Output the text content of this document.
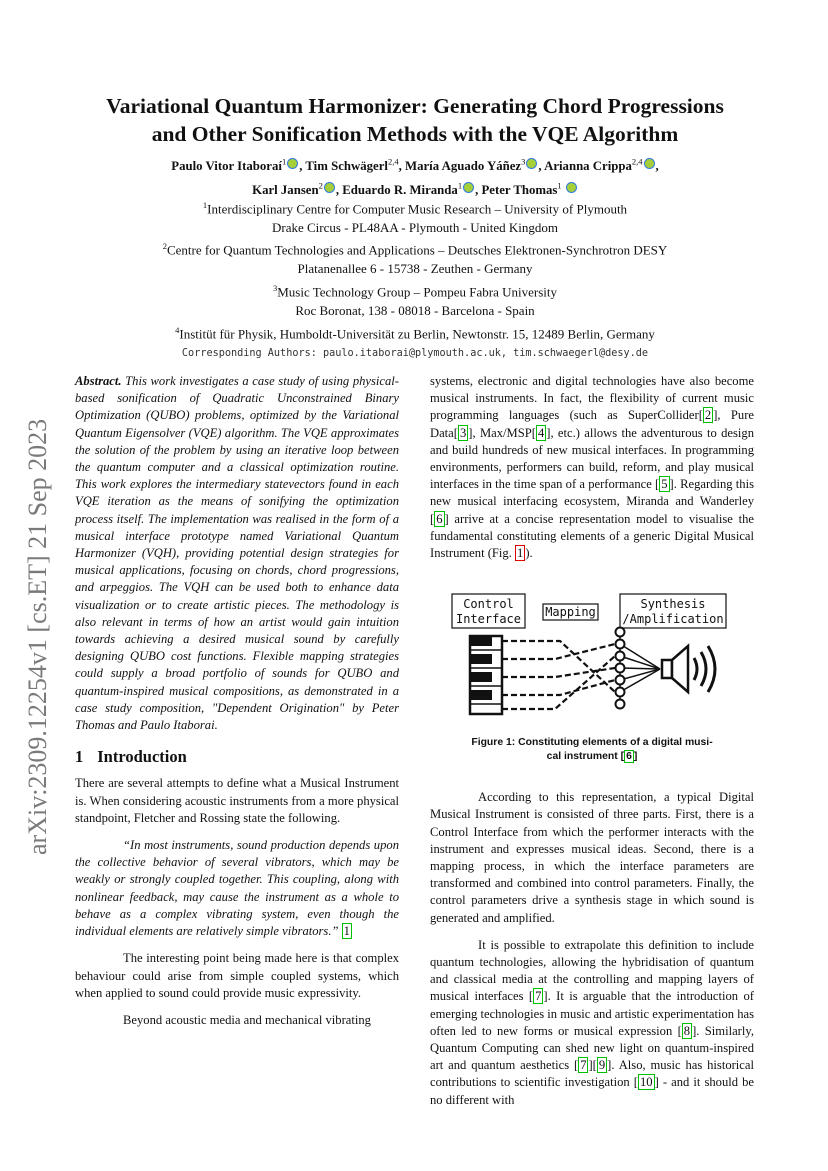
arXiv:2309.12254v1 [cs.ET] 21 Sep 2023
Variational Quantum Harmonizer: Generating Chord Progressions
and Other Sonification Methods with the VQE Algorithm
Paulo Vitor Itaboraí$^1$ , Tim Schwägerl$^{2,4}$, María Aguado Yáñez$^3$ , Arianna Crippa$^{2,4}$ ,
Karl Jansen$^2$ , Eduardo R. Miranda$^1$ , Peter Thomas$^1$
$^1$Interdisciplinary Centre for Computer Music Research – University of Plymouth
Drake Circus - PL48AA - Plymouth - United Kingdom
$^2$Centre for Quantum Technologies and Applications – Deutsches Elektronen-Synchrotron DESY
Platanenallee 6 - 15738 - Zeuthen - Germany
$^3$Music Technology Group – Pompeu Fabra University
Roc Boronat, 138 - 08018 - Barcelona - Spain
$^4$Institüt für Physik, Humboldt-Universität zu Berlin, Newtonstr. 15, 12489 Berlin, Germany
Corresponding Authors: paulo.itaborai@plymouth.ac.uk, tim.schwaegerl@desy.de

Abstract. This work investigates a case study of using physical-based sonification of Quadratic Unconstrained Binary Optimization (QUBO) problems, optimized by the Variational Quantum Eigensolver (VQE) algorithm. The VQE approximates the solution of the problem by using an iterative loop between the quantum computer and a classical optimization routine. This work explores the intermediary statevectors found in each VQE iteration as the means of sonifying the optimization process itself. The implementation was realised in the form of a musical interface prototype named Variational Quantum Harmonizer (VQH), providing potential design strategies for musical applications, focusing on chords, chord progressions, and arpeggios. The VQH can be used both to enhance data visualization or to create artistic pieces. The methodology is also relevant in terms of how an artist would gain intuition towards achieving a desired musical sound by carefully designing QUBO cost functions. Flexible mapping strategies could supply a broad portfolio of sounds for QUBO and quantum-inspired musical compositions, as demonstrated in a case study composition, "Dependent Origination" by Peter Thomas and Paulo Itaborai.

1 Introduction

There are several attempts to define what a Musical Instrument is. When considering acoustic instruments from a more physical standpoint, Fletcher and Rossing state the following.

“In most instruments, sound production depends upon the collective behavior of several vibrators, which may be weakly or strongly coupled together. This coupling, along with nonlinear feedback, may cause the instrument as a whole to behave as a complex vibrating system, even though the individual elements are relatively simple vibrators.” 1

The interesting point being made here is that complex behaviour could arise from simple coupled systems, which when applied to sound could provide music expressivity.

Beyond acoustic media and mechanical vibrating

systems, electronic and digital technologies have also become musical instruments. In fact, the flexibility of current music programming languages (such as SuperCollider[ 2 ], Pure Data[ 3 ], Max/MSP[ 4 ], etc.) allows the adventurous to design and build hundreds of new musical interfaces. In programming environments, performers can build, reform, and play musical interfaces in the time span of a performance [ 5 ]. Regarding this new musical interfacing ecosystem, Miranda and Wanderley [ 6 ] arrive at a concise representation model to visualise the fundamental constituting elements of a generic Digital Musical Instrument (Fig. 1 ).

Control
Interface Mapping
Synthesis
/Amplification
Figure 1: Constituting elements of a digital musi-
cal instrument [ 6 ]

According to this representation, a typical Digital Musical Instrument is consisted of three parts. First, there is a Control Interface from which the performer interacts with the instrument and expresses musical ideas. Second, there is a mapping process, in which the interface parameters are transformed and combined into control parameters. Finally, the control parameters drive a synthesis stage in which sound is generated and amplified.

It is possible to extrapolate this definition to include quantum technologies, allowing the hybridisation of quantum and classical media at the controlling and mapping layers of musical interfaces [ 7 ]. It is arguable that the introduction of emerging technologies in music and artistic experimentation has often led to new forms or musical expression [ 8 ]. Similarly, Quantum Computing can shed new light on quantum-inspired art and quantum aesthetics [ 7 ][ 9 ]. Also, music has historical contributions to scientific investigation [ 10 ] - and it should be no different with
